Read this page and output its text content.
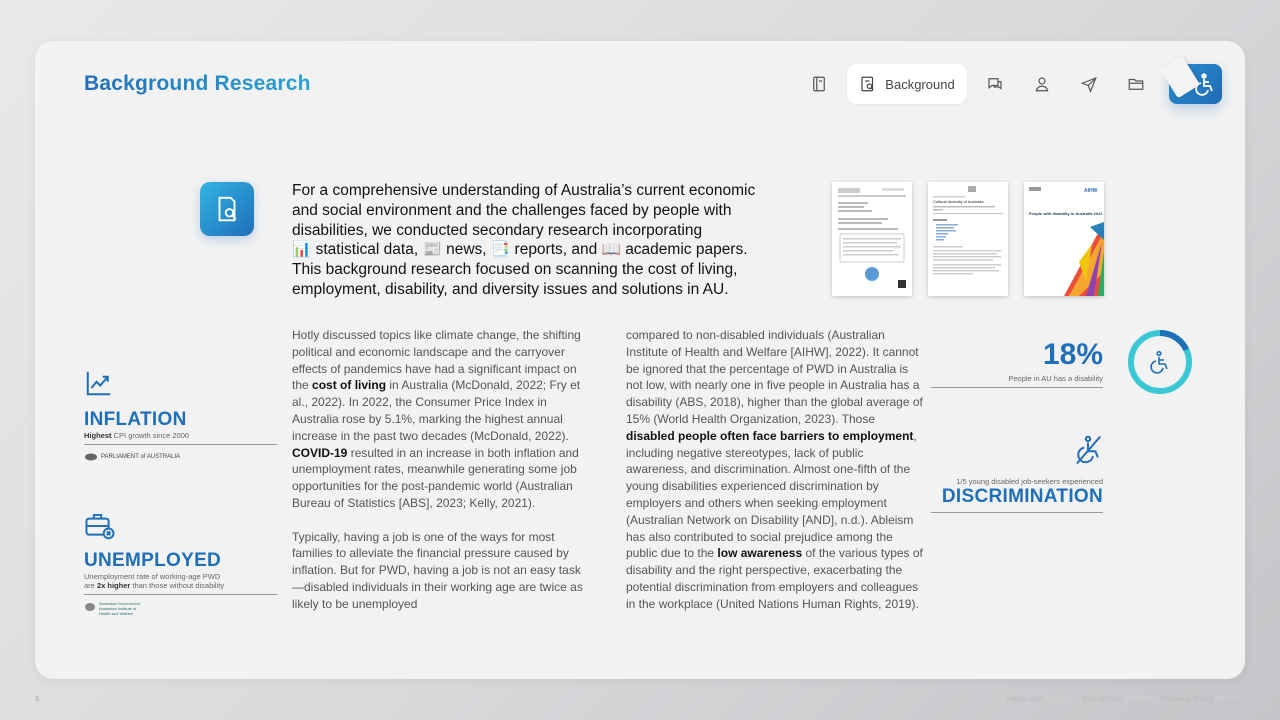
Background Research	Background

For a comprehensive understanding of Australia’s current economic and social environment and the challenges faced by people with disabilities, we conducted secondary research incorporating
📊 statistical data, 📰 news, 📑 reports, and 📖 academic papers.
This background research focused on scanning the cost of living, employment, disability, and diversity issues and solutions in AU.

Cultural diversity of Australia
AIHW
People with disability in Australia 2022
Hotly discussed topics like climate change, the shifting political and economic landscape and the carryover effects of pandemics have had a significant impact on the cost of living in Australia (McDonald, 2022; Fry et al., 2022). In 2022, the Consumer Price Index in Australia rose by 5.1%, marking the highest annual increase in the past two decades (McDonald, 2022). COVID-19 resulted in an increase in both inflation and unemployment rates, meanwhile generating some job opportunities for the post-pandemic world (Australian Bureau of Statistics [ABS], 2023; Kelly, 2021).
Typically, having a job is one of the ways for most families to alleviate the financial pressure caused by inflation. But for PWD, having a job is not an easy task—disabled individuals in their working age are twice as likely to be unemployed
compared to non-disabled individuals (Australian Institute of Health and Welfare [AIHW], 2022). It cannot be ignored that the percentage of PWD in Australia is not low, with nearly one in five people in Australia has a disability (ABS, 2018), higher than the global average of 15% (World Health Organization, 2023). Those disabled people often face barriers to employment, including negative stereotypes, lack of public awareness, and discrimination. Almost one-fifth of the young disabilities experienced discrimination by employers and others when seeking employment (Australian Network on Disability [AND], n.d.). Ableism has also contributed to social prejudice among the public due to the low awareness of the various types of disability and the right perspective, exacerbating the potential discrimination from employers and colleagues in the workplace (United Nations Human Rights, 2019).
INFLATION
Highest CPI growth since 2000
PARLIAMENT of AUSTRALIA
UNEMPLOYED
Unemployment rate of working-age PWD
are 2x higher than those without disability
Australian Government
Australian Institute of Health and Welfare
18%
People in AU has a disability
1/5 young disabled job-seekers experienced
DISCRIMINATION
3	Haiyan Gao hgao0237 · Entong Feng efen3913 · Yancheng Zhang yzha7774
